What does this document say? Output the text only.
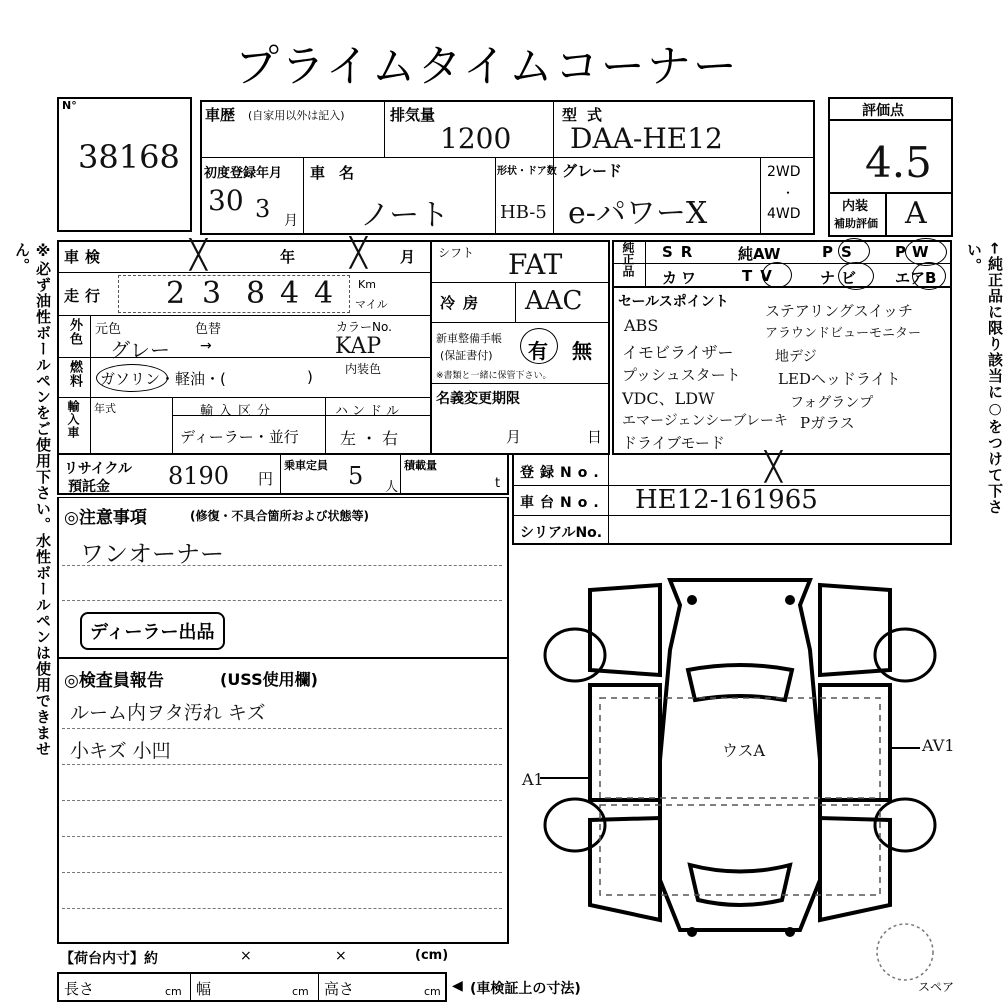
プライムタイムコーナー
※必ず油性ボールペンをご使用下さい。水性ボールペンは使用できません。	←純正品に限り該当に○をつけて下さい。
N°
38168
評価点
4.5
内装
補助評価 A
車歴 (自家用以外は記入)	排気量
1200
型式
DAA-HE12
初度登録年月
30 3 月
車名
ノート
形状・ドア数
HB-5
グレード
e-パワーX
2WD
・
4WD
車検	╳	年 ╳ 月
走行 2 3 8 4 4 Km
マイル
外色 元色	色替	カラーNo.
グレー →	KAP
燃料 ガソリン・軽油・(	)	内装色
輸入車 年式	輸入区分
ディーラー・並行
ハンドル
左 ・ 右
シフト FAT
冷房 AAC
新車整備手帳
(保証書付) 有 無
※書類と一緒に保管下さい。
名義変更期限
月	日
純正品 SR	純AW	PS PW
カワ	TV	ナビ エアB
セールスポイント
ABS
ステアリングスイッチ
イモビライザー
アラウンドビューモニター
プッシュスタート
地デジ
VDC、LDW
LEDヘッドライト
エマージェンシーブレーキ
フォグランプ
ドライブモード
Pガラス
リサイクル
預託金 8190 円
乗車定員 5 人
積載量
t
登録No.	╳
車台No. HE12-161965
シリアルNo.
◎注意事項	(修復・不具合箇所および状態等)
ワンオーナー
ディーラー出品
◎検査員報告	(USS使用欄)
ルーム内ヲタ汚れ キズ
小キズ 小凹	ウスA	AV1
A1
スペア
【荷台内寸】約	×	×	(cm)
長さ	cm 幅	cm 高さ	cm ◀ (車検証上の寸法)
